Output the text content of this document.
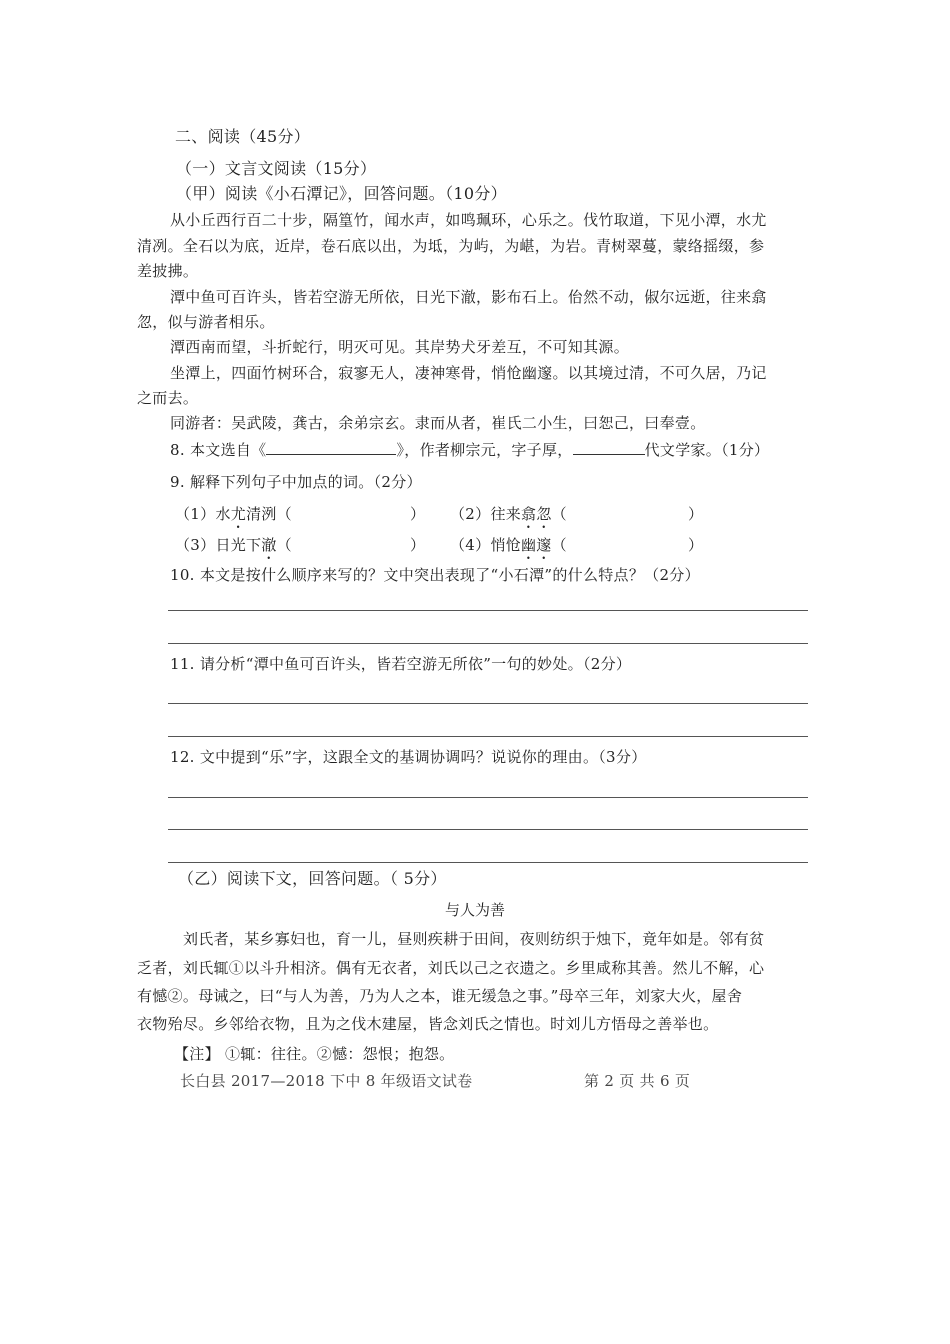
二、阅读（45分）
（一）文言文阅读（15分）
（甲）阅读《小石潭记》，回答问题。（10分）
从小丘西行百二十步，隔篁竹，闻水声，如鸣珮环，心乐之。伐竹取道，下见小潭，水尤
清冽。全石以为底，近岸，卷石底以出，为坻，为屿，为嵁，为岩。青树翠蔓，蒙络摇缀，参
差披拂。
潭中鱼可百许头，皆若空游无所依，日光下澈，影布石上。佁然不动，俶尔远逝，往来翕
忽，似与游者相乐。
潭西南而望，斗折蛇行，明灭可见。其岸势犬牙差互，不可知其源。
坐潭上，四面竹树环合，寂寥无人，凄神寒骨，悄怆幽邃。以其境过清，不可久居，乃记
之而去。
同游者：吴武陵，龚古，余弟宗玄。隶而从者，崔氏二小生，曰恕己，曰奉壹。
8. 本文选自《	》，作者柳宗元，字子厚，	代文学家。（1分）
9. 解释下列句子中加点的词。（2分）
（1）水尤清洌（	） （2）往来翕忽（	）
（3）日光下澈（	） （4）悄怆幽邃（	）
10. 本文是按什么顺序来写的？文中突出表现了“小石潭”的什么特点？（2分）
11. 请分析“潭中鱼可百许头，皆若空游无所依”一句的妙处。（2分）
12. 文中提到“乐”字，这跟全文的基调协调吗？说说你的理由。（3分）
（乙）阅读下文，回答问题。（ 5分）
与人为善
刘氏者，某乡寡妇也，育一儿，昼则疾耕于田间，夜则纺织于烛下，竟年如是。邻有贫
乏者，刘氏辄①以斗升相济。偶有无衣者，刘氏以己之衣遗之。乡里咸称其善。然儿不解，心
有憾②。母诫之，曰“与人为善，乃为人之本，谁无缓急之事。”母卒三年，刘家大火，屋舍
衣物殆尽。乡邻给衣物，且为之伐木建屋，皆念刘氏之情也。时刘儿方悟母之善举也。
【注】 ①辄：往往。②憾：怨恨；抱怨。
长白县 2017—2018 下中 8 年级语文试卷	第 2 页 共 6 页
